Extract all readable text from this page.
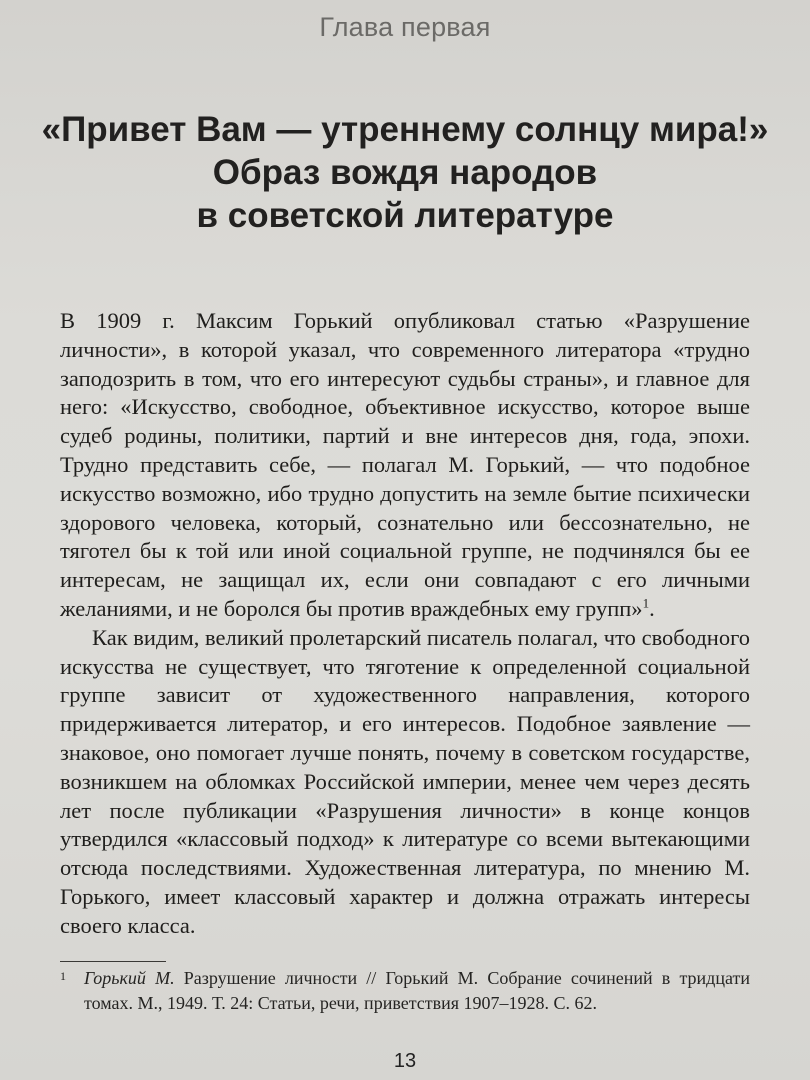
Глава первая
«Привет Вам — утреннему солнцу мира!»
Образ вождя народов
в советской литературе

В 1909 г. Максим Горький опубликовал статью «Разрушение личности», в которой указал, что современного литератора «трудно заподозрить в том, что его интересуют судьбы страны», и главное для него: «Искусство, свободное, объективное искусство, которое выше судеб родины, политики, партий и вне интересов дня, года, эпохи. Трудно представить себе, — полагал М. Горький, — что подобное искусство возможно, ибо трудно допустить на земле бытие психически здорового человека, который, сознательно или бессознательно, не тяготел бы к той или иной социальной группе, не подчинялся бы ее интересам, не защищал их, если они совпадают с его личными желаниями, и не боролся бы против враждебных ему групп»$^1$.

Как видим, великий пролетарский писатель полагал, что свободного искусства не существует, что тяготение к определенной социальной группе зависит от художественного направления, которого придерживается литератор, и его интересов. Подобное заявление — знаковое, оно помогает лучше понять, почему в советском государстве, возникшем на обломках Российской империи, менее чем через десять лет после публикации «Разрушения личности» в конце концов утвердился «классовый подход» к литературе со всеми вытекающими отсюда последствиями. Художественная литература, по мнению М. Горького, имеет классовый характер и должна отражать интересы своего класса.

1 Горький М. Разрушение личности // Горький М. Собрание сочинений в тридцати томах. М., 1949. Т. 24: Статьи, речи, приветствия 1907–1928. С. 62.
13
